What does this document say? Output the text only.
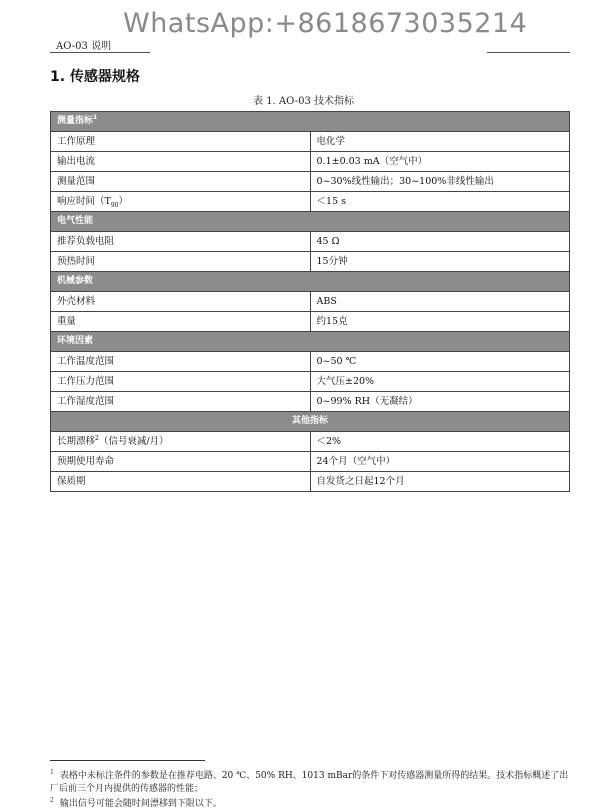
WhatsApp:+8618673035214
AO-03 说明
1. 传感器规格
表 1. AO-03 技术指标
测量指标$^1$
工作原理	电化学
输出电流	0.1±0.03 mA（空气中）
测量范围	0~30%线性输出；30~100%非线性输出
响应时间$(T_{90})$	＜15 s
电气性能	
推荐负载电阻	45 Ω
预热时间	15分钟
机械参数	
外壳材料	ABS
重量	约15克
环境因素	
工作温度范围	0~50 ℃
工作压力范围	大气压±20%
工作湿度范围	0~99% RH（无凝结）
其他指标	
长期漂移$^2$（信号衰减/月）	＜2%
预期使用寿命	24个月（空气中）
保质期	自发货之日起12个月
$^1$ 表格中未标注条件的参数是在推荐电路、20 ℃、50% RH、1013 mBar的条件下对传感器测量所得的结果。技术指标概述了出厂后前三个月内提供的传感器的性能；
$^2$ 输出信号可能会随时间漂移到下限以下。
